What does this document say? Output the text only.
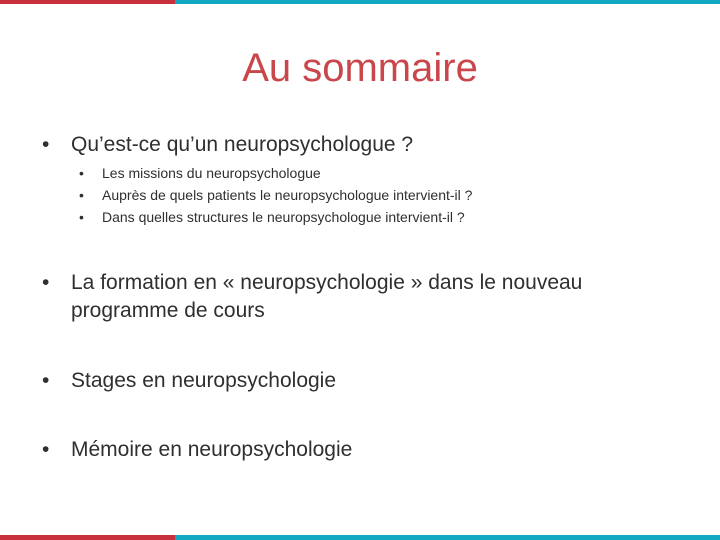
Au sommaire
•	Qu’est-ce qu’un neuropsychologue ?
•	Les missions du neuropsychologue
•	Auprès de quels patients le neuropsychologue intervient-il ?
•	Dans quelles structures le neuropsychologue intervient-il ?
•	La formation en « neuropsychologie » dans le nouveau programme de cours
•	Stages en neuropsychologie
•	Mémoire en neuropsychologie
